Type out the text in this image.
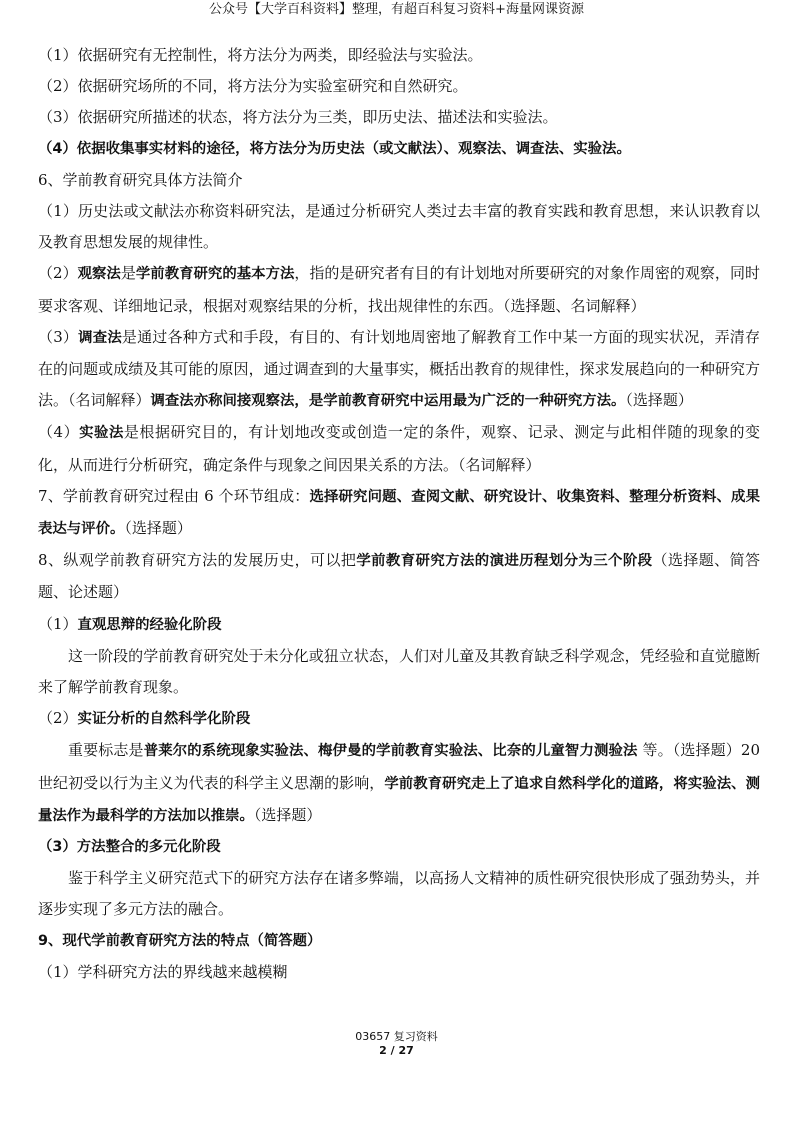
公众号【大学百科资料】整理，有超百科复习资料+海量网课资源

（1）依据研究有无控制性，将方法分为两类，即经验法与实验法。

（2）依据研究场所的不同，将方法分为实验室研究和自然研究。

（3）依据研究所描述的状态，将方法分为三类，即历史法、描述法和实验法。

（4）依据收集事实材料的途径，将方法分为历史法（或文献法）、观察法、调查法、实验法。

6、学前教育研究具体方法简介

（1）历史法或文献法亦称资料研究法，是通过分析研究人类过去丰富的教育实践和教育思想，来认识教育以及教育思想发展的规律性。

（2）观察法是学前教育研究的基本方法，指的是研究者有目的有计划地对所要研究的对象作周密的观察，同时要求客观、详细地记录，根据对观察结果的分析，找出规律性的东西。（选择题、名词解释）

（3）调查法是通过各种方式和手段，有目的、有计划地周密地了解教育工作中某一方面的现实状况，弄清存在的问题或成绩及其可能的原因，通过调查到的大量事实，概括出教育的规律性，探求发展趋向的一种研究方法。（名词解释）调查法亦称间接观察法，是学前教育研究中运用最为广泛的一种研究方法。（选择题）

（4）实验法是根据研究目的，有计划地改变或创造一定的条件，观察、记录、测定与此相伴随的现象的变化，从而进行分析研究，确定条件与现象之间因果关系的方法。（名词解释）

7、学前教育研究过程由 6 个环节组成：选择研究问题、查阅文献、研究设计、收集资料、整理分析资料、成果表达与评价。（选择题）

8、纵观学前教育研究方法的发展历史，可以把学前教育研究方法的演进历程划分为三个阶段（选择题、简答题、论述题）

（1）直观思辩的经验化阶段

这一阶段的学前教育研究处于未分化或狃立状态，人们对儿童及其教育缺乏科学观念，凭经验和直觉臆断来了解学前教育现象。

（2）实证分析的自然科学化阶段

重要标志是普莱尔的系统现象实验法、梅伊曼的学前教育实验法、比奈的儿童智力测验法 等。（选择题）20 世纪初受以行为主义为代表的科学主义思潮的影响，学前教育研究走上了追求自然科学化的道路，将实验法、测量法作为最科学的方法加以推崇。（选择题）

（3）方法整合的多元化阶段

鉴于科学主义研究范式下的研究方法存在诸多弊端，以高扬人文精神的质性研究很快形成了强劲势头，并逐步实现了多元方法的融合。

9、现代学前教育研究方法的特点（简答题）

（1）学科研究方法的界线越来越模糊

03657 复习资料
2 / 27
